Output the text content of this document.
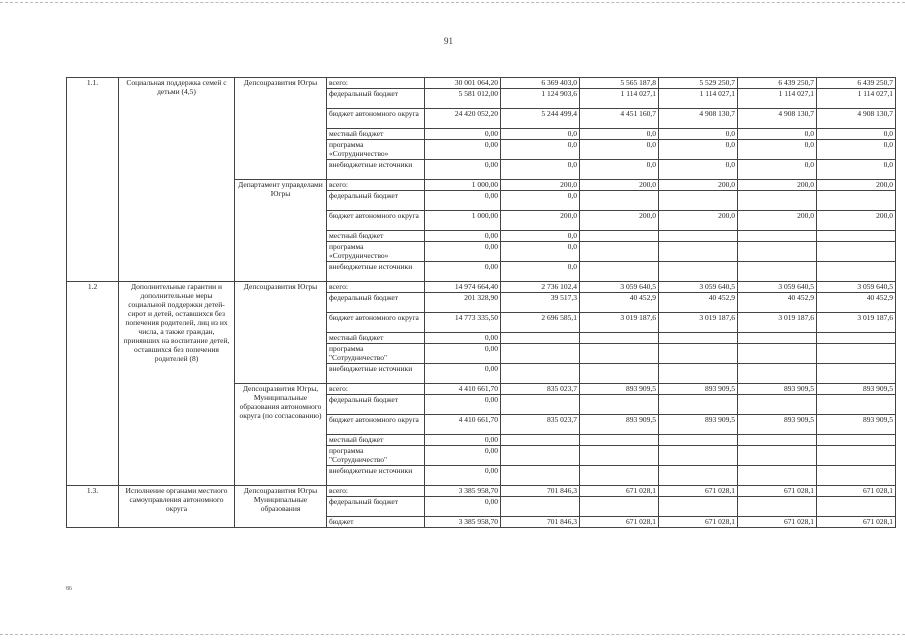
91
1.1.	Социальная поддержка семей с детьми (4,5)	Депсоцразвития Югры	всего:	30 001 064,20	6 369 403,0	5 565 187,8	5 529 250,7	6 439 250,7	6 439 250,7
			федеральный бюджет	5 581 012,00	1 124 903,6	1 114 027,1	1 114 027,1	1 114 027,1	1 114 027,1
			бюджет автономного округа	24 420 052,20	5 244 499,4	4 451 160,7	4 908 130,7	4 908 130,7	4 908 130,7
			местный бюджет	0,00	0,0	0,0	0,0	0,0	0,0
			программа «Сотрудничество»	0,00	0,0	0,0	0,0	0,0	0,0
			внебюджетные источники	0,00	0,0	0,0	0,0	0,0	0,0
		Департамент управделами Югры	всего:	1 000,00	200,0	200,0	200,0	200,0	200,0
			федеральный бюджет	0,00	0,0				
			бюджет автономного округа	1 000,00	200,0	200,0	200,0	200,0	200,0
			местный бюджет	0,00	0,0				
			программа «Сотрудничество»	0,00	0,0				
			внебюджетные источники	0,00	0,0				
1.2	Дополнительные гарантии и дополнительные меры социальной поддержки детей-сирот и детей, оставшихся без попечения родителей, лиц из их числа, а также граждан, принявших на воспитание детей, оставшихся без попечения родителей (8)	Депсоцразвития Югры	всего:	14 974 664,40	2 736 102,4	3 059 640,5	3 059 640,5	3 059 640,5	3 059 640,5
			федеральный бюджет	201 328,90	39 517,3	40 452,9	40 452,9	40 452,9	40 452,9
			бюджет автономного округа	14 773 335,50	2 696 585,1	3 019 187,6	3 019 187,6	3 019 187,6	3 019 187,6
			местный бюджет	0,00					
			программа "Сотрудничество"	0,00					
			внебюджетные источники	0,00					
		Депсоцразвития Югры, Муниципальные образования автономного округа (по согласованию)	всего:	4 410 661,70	835 023,7	893 909,5	893 909,5	893 909,5	893 909,5
			федеральный бюджет	0,00					
			бюджет автономного округа	4 410 661,70	835 023,7	893 909,5	893 909,5	893 909,5	893 909,5
			местный бюджет	0,00					
			программа "Сотрудничество"	0,00					
			внебюджетные источники	0,00					
1.3.	Исполнение органами местного самоуправления автономного округа	Депсоцразвития Югры Муниципальные образования	всего:	3 385 958,70	701 846,3	671 028,1	671 028,1	671 028,1	671 028,1
			федеральный бюджет	0,00					
			бюджет	3 385 958,70	701 846,3	671 028,1	671 028,1	671 028,1	671 028,1
86
